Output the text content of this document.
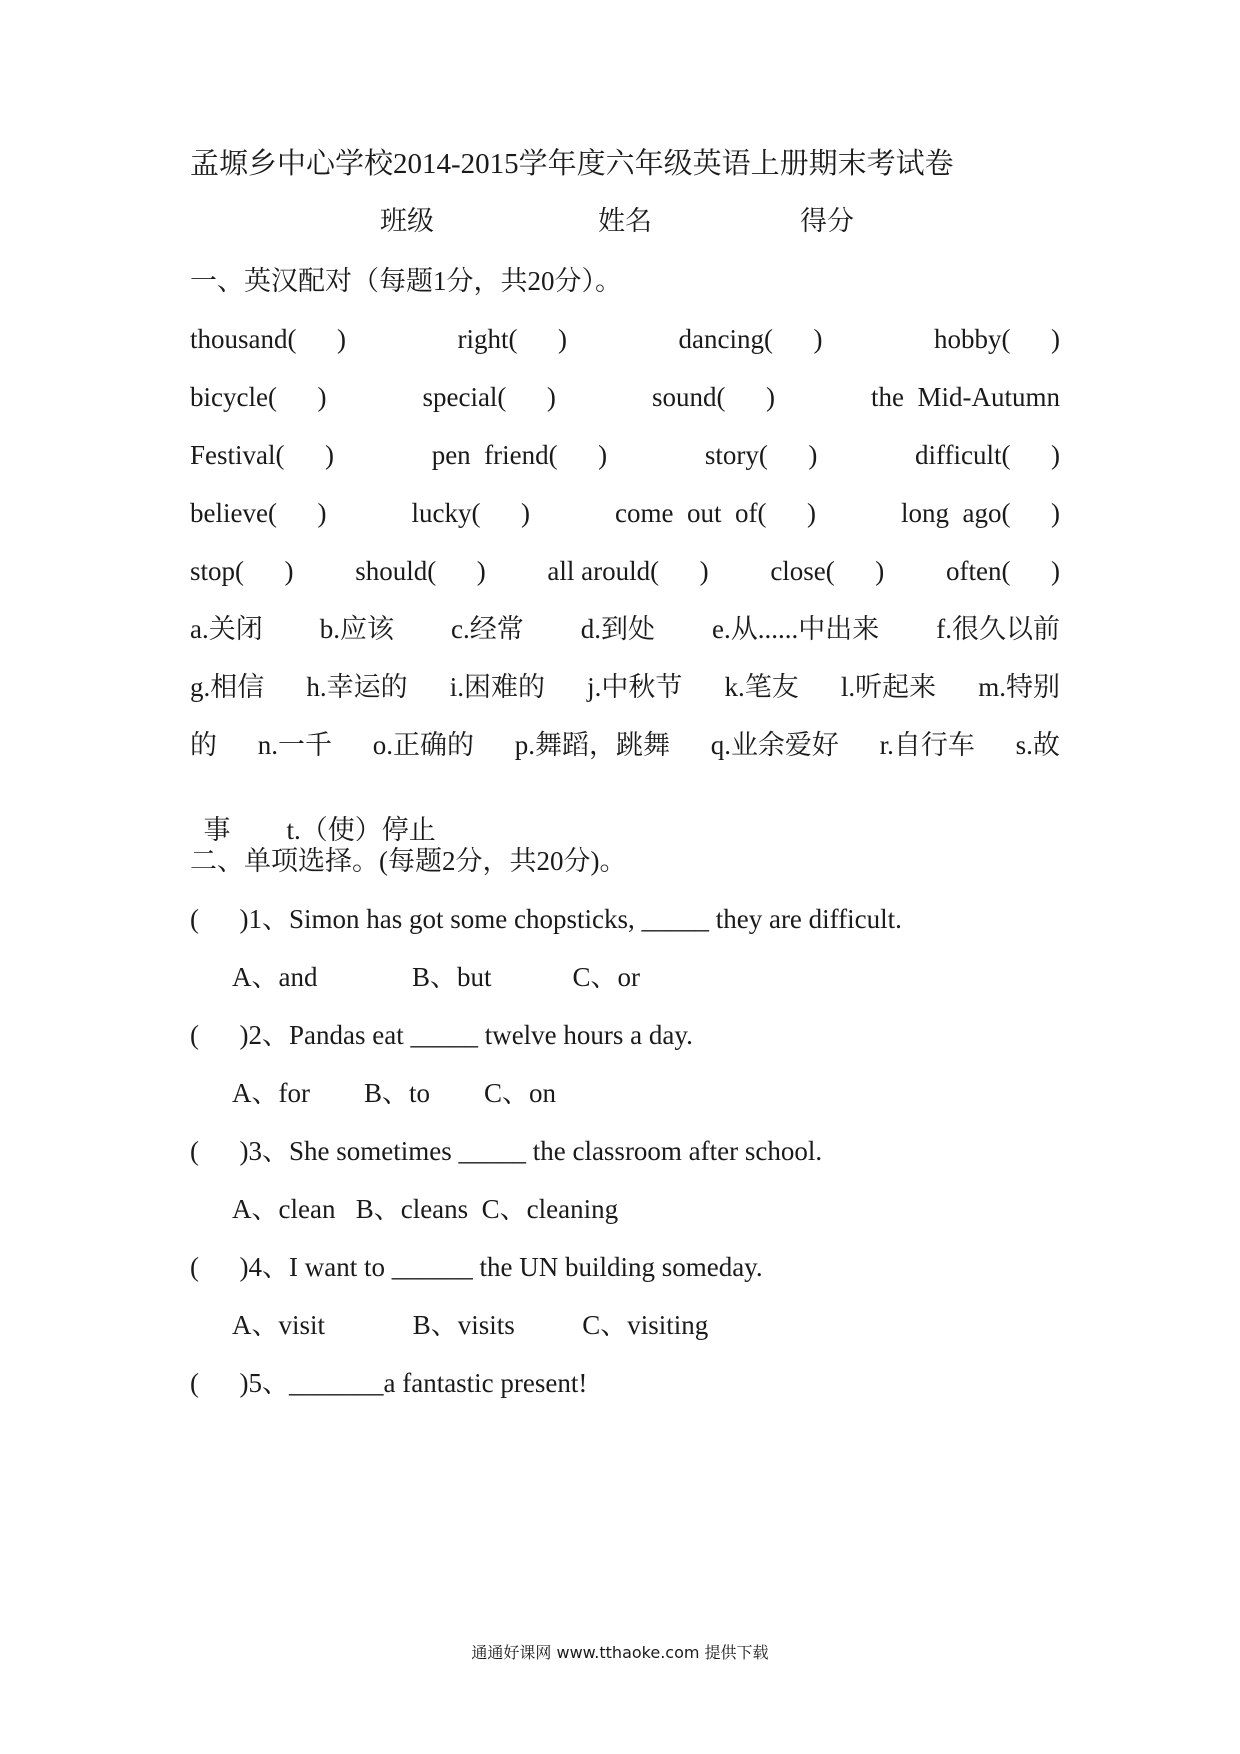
孟塬乡中心学校2014-2015学年度六年级英语上册期末考试卷
班级	姓名	得分
一、英汉配对（每题1分，共20分）。
thousand(      )	right(      )	dancing(      )	hobby(      )
bicycle(      )	special(      )	sound(      )	the  Mid-Autumn
Festival(      )	pen  friend(      )	story(      )	difficult(      )
believe(      )	lucky(      )	come  out  of(      )	long  ago(      )
stop(      ) should(      ) all arould(      ) close(      ) often(      )
a.关闭 b.应该 c.经常 d.到处 e.从......中出来 f.很久以前
g.相信 h.幸运的 i.困难的 j.中秋节 k.笔友 l.听起来 m.特别
的 n.一千 o.正确的 p.舞蹈，跳舞 q.业余爱好 r.自行车 s.故

事 t.（使）停止

二、单项选择。(每题2分，共20分)。
(      )1、Simon has got some chopsticks, _____ they are difficult.
A、and              B、but            C、or
(      )2、Pandas eat _____ twelve hours a day.
A、for        B、to        C、on
(      )3、She sometimes _____ the classroom after school.
A、clean   B、cleans  C、cleaning
(      )4、I want to ______ the UN building someday.
A、visit             B、visits          C、visiting
(      )5、_______a fantastic present!
通通好课网 www.tthaoke.com 提供下载
